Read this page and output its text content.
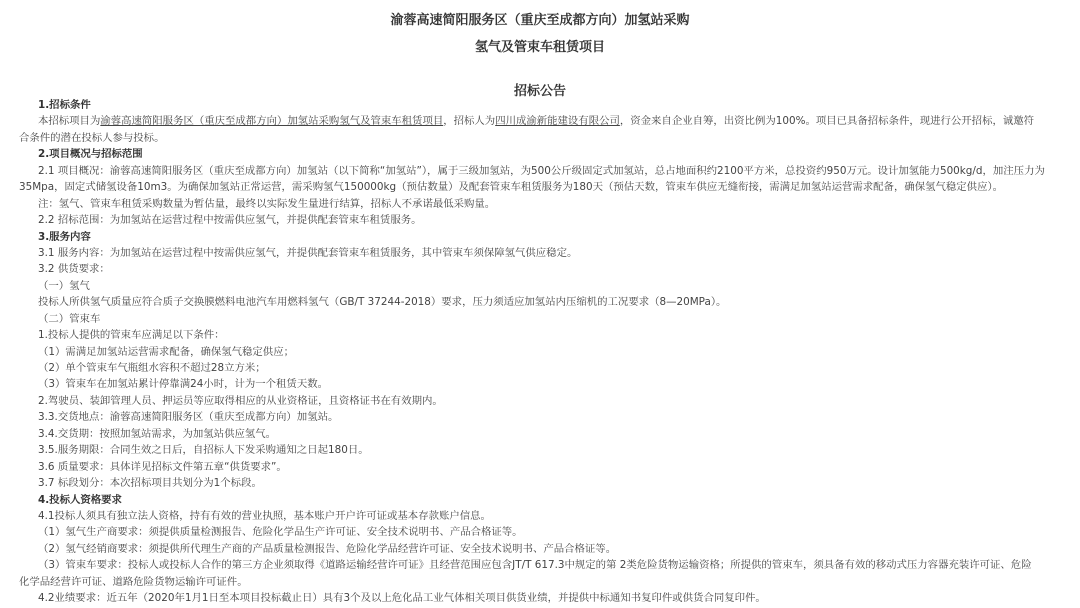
渝蓉高速简阳服务区（重庆至成都方向）加氢站采购
氢气及管束车租赁项目
招标公告
1.招标条件
本招标项目为渝蓉高速简阳服务区（重庆至成都方向）加氢站采购氢气及管束车租赁项目，招标人为四川成渝新能建设有限公司，资金来自企业自筹，出资比例为100%。项目已具备招标条件，现进行公开招标，诚邀符
合条件的潜在投标人参与投标。
2.项目概况与招标范围
2.1 项目概况：渝蓉高速简阳服务区（重庆至成都方向）加氢站（以下简称“加氢站”），属于三级加氢站，为500公斤级固定式加氢站，总占地面积约2100平方米，总投资约950万元。设计加氢能力500kg/d，加注压力为
35Mpa，固定式储氢设备10m3。为确保加氢站正常运营，需采购氢气150000kg（预估数量）及配套管束车租赁服务为180天（预估天数，管束车供应无缝衔接，需满足加氢站运营需求配备，确保氢气稳定供应）。
注：氢气、管束车租赁采购数量为暂估量，最终以实际发生量进行结算，招标人不承诺最低采购量。
2.2 招标范围：为加氢站在运营过程中按需供应氢气，并提供配套管束车租赁服务。
3.服务内容
3.1 服务内容：为加氢站在运营过程中按需供应氢气，并提供配套管束车租赁服务，其中管束车须保障氢气供应稳定。
3.2 供货要求：
（一）氢气
投标人所供氢气质量应符合质子交换膜燃料电池汽车用燃料氢气（GB/T 37244-2018）要求，压力须适应加氢站内压缩机的工况要求（8—20MPa）。
（二）管束车
1.投标人提供的管束车应满足以下条件：
（1）需满足加氢站运营需求配备，确保氢气稳定供应；
（2）单个管束车气瓶组水容积不超过28立方米；
（3）管束车在加氢站累计停靠满24小时，计为一个租赁天数。
2.驾驶员、装卸管理人员、押运员等应取得相应的从业资格证，且资格证书在有效期内。
3.3.交货地点：渝蓉高速简阳服务区（重庆至成都方向）加氢站。
3.4.交货期：按照加氢站需求，为加氢站供应氢气。
3.5.服务期限：合同生效之日后，自招标人下发采购通知之日起180日。
3.6 质量要求：具体详见招标文件第五章“供货要求”。
3.7 标段划分：本次招标项目共划分为1个标段。
4.投标人资格要求
4.1投标人须具有独立法人资格，持有有效的营业执照，基本账户开户许可证或基本存款账户信息。
（1）氢气生产商要求：须提供质量检测报告、危险化学品生产许可证、安全技术说明书、产品合格证等。
（2）氢气经销商要求：须提供所代理生产商的产品质量检测报告、危险化学品经营许可证、安全技术说明书、产品合格证等。
（3）管束车要求：投标人或投标人合作的第三方企业须取得《道路运输经营许可证》且经营范围应包含JT/T 617.3中规定的第 2类危险货物运输资格；所提供的管束车，须具备有效的移动式压力容器充装许可证、危险
化学品经营许可证、道路危险货物运输许可证件。
4.2业绩要求：近五年（2020年1月1日至本项目投标截止日）具有3个及以上危化品工业气体相关项目供货业绩，并提供中标通知书复印件或供货合同复印件。
